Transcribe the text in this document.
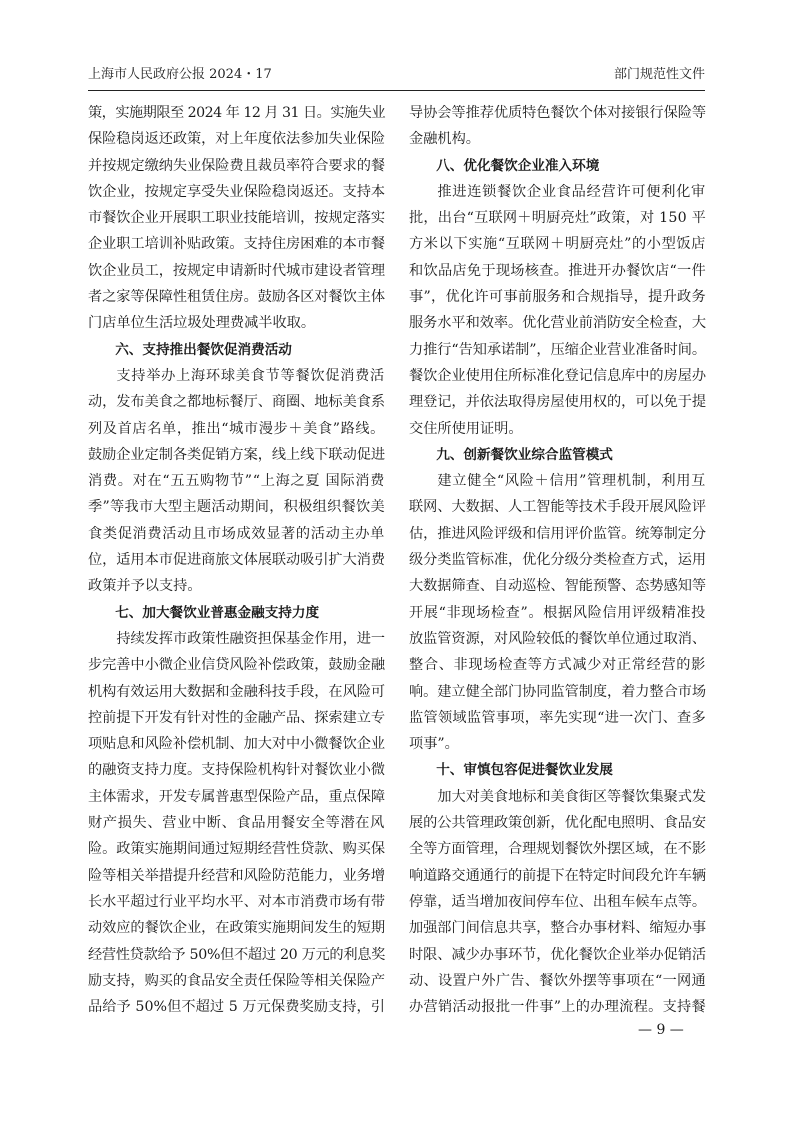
上海市人民政府公报 2024・17	部门规范性文件
策，实施期限至 2024 年 12 月 31 日。实施失业
保险稳岗返还政策，对上年度依法参加失业保险
并按规定缴纳失业保险费且裁员率符合要求的餐
饮企业，按规定享受失业保险稳岗返还。支持本
市餐饮企业开展职工职业技能培训，按规定落实
企业职工培训补贴政策。支持住房困难的本市餐
饮企业员工，按规定申请新时代城市建设者管理
者之家等保障性租赁住房。鼓励各区对餐饮主体
门店单位生活垃圾处理费减半收取。
六、支持推出餐饮促消费活动
支持举办上海环球美食节等餐饮促消费活
动，发布美食之都地标餐厅、商圈、地标美食系
列及首店名单，推出“城市漫步＋美食”路线。
鼓励企业定制各类促销方案，线上线下联动促进
消费。对在“五五购物节”“上海之夏 国际消费
季”等我市大型主题活动期间，积极组织餐饮美
食类促消费活动且市场成效显著的活动主办单
位，适用本市促进商旅文体展联动吸引扩大消费
政策并予以支持。
七、加大餐饮业普惠金融支持力度
持续发挥市政策性融资担保基金作用，进一
步完善中小微企业信贷风险补偿政策，鼓励金融
机构有效运用大数据和金融科技手段，在风险可
控前提下开发有针对性的金融产品、探索建立专
项贴息和风险补偿机制、加大对中小微餐饮企业
的融资支持力度。支持保险机构针对餐饮业小微
主体需求，开发专属普惠型保险产品，重点保障
财产损失、营业中断、食品用餐安全等潜在风
险。政策实施期间通过短期经营性贷款、购买保
险等相关举措提升经营和风险防范能力，业务增
长水平超过行业平均水平、对本市消费市场有带
动效应的餐饮企业，在政策实施期间发生的短期
经营性贷款给予 50%但不超过 20 万元的利息奖
励支持，购买的食品安全责任保险等相关保险产
品给予 50%但不超过 5 万元保费奖励支持，引
导协会等推荐优质特色餐饮个体对接银行保险等
金融机构。
八、优化餐饮企业准入环境
推进连锁餐饮企业食品经营许可便利化审
批，出台“互联网＋明厨亮灶”政策，对 150 平
方米以下实施“互联网＋明厨亮灶”的小型饭店
和饮品店免于现场核查。推进开办餐饮店“一件
事”，优化许可事前服务和合规指导，提升政务
服务水平和效率。优化营业前消防安全检查，大
力推行“告知承诺制”，压缩企业营业准备时间。
餐饮企业使用住所标准化登记信息库中的房屋办
理登记，并依法取得房屋使用权的，可以免于提
交住所使用证明。
九、创新餐饮业综合监管模式
建立健全“风险＋信用”管理机制，利用互
联网、大数据、人工智能等技术手段开展风险评
估，推进风险评级和信用评价监管。统筹制定分
级分类监管标准，优化分级分类检查方式，运用
大数据筛查、自动巡检、智能预警、态势感知等
开展“非现场检查”。根据风险信用评级精准投
放监管资源，对风险较低的餐饮单位通过取消、
整合、非现场检查等方式减少对正常经营的影
响。建立健全部门协同监管制度，着力整合市场
监管领域监管事项，率先实现“进一次门、查多
项事”。
十、审慎包容促进餐饮业发展
加大对美食地标和美食街区等餐饮集聚式发
展的公共管理政策创新，优化配电照明、食品安
全等方面管理，合理规划餐饮外摆区域，在不影
响道路交通通行的前提下在特定时间段允许车辆
停靠，适当增加夜间停车位、出租车候车点等。
加强部门间信息共享，整合办事材料、缩短办事
时限、减少办事环节，优化餐饮企业举办促销活
动、设置户外广告、餐饮外摆等事项在“一网通
办营销活动报批一件事”上的办理流程。支持餐
— 9 —
